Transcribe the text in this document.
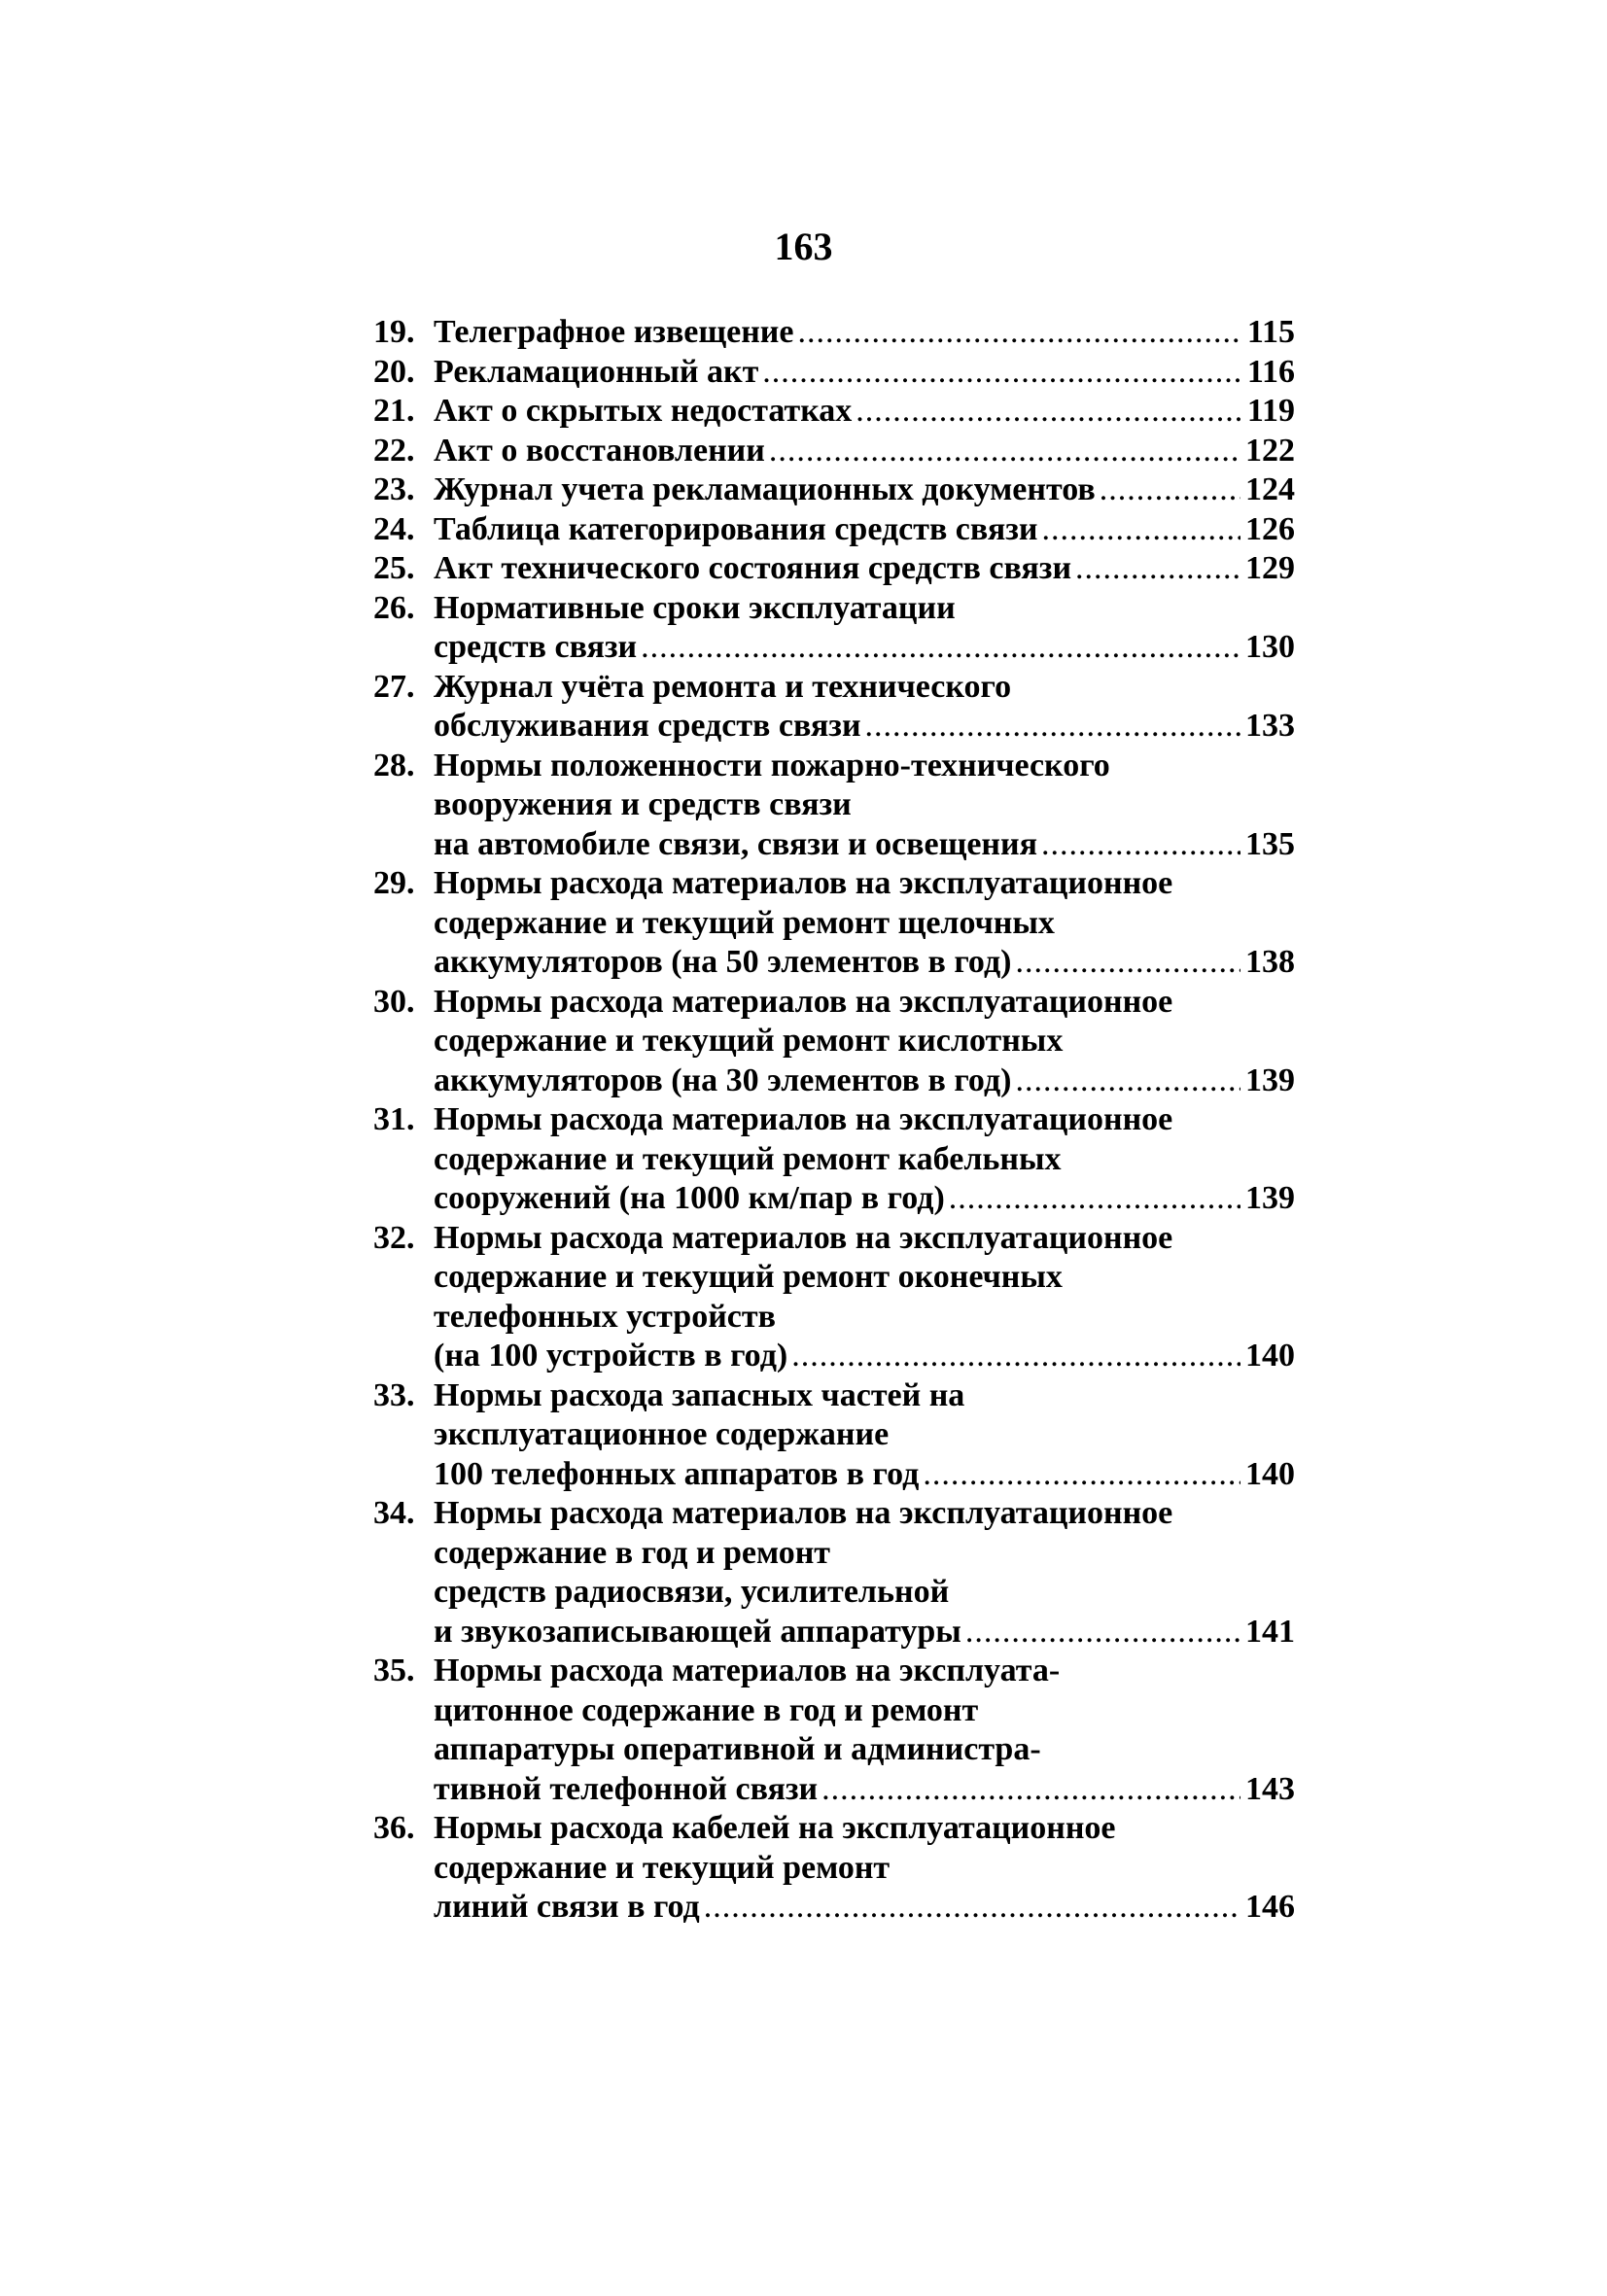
163
19. Телеграфное извещение .....	115
20. Рекламационный акт .....	116
21. Акт о скрытых недостатках .....	119
22. Акт о восстановлении .....	122
23. Журнал учета рекламационных документов .....	124
24. Таблица категорирования средств связи .....	126
25. Акт технического состояния средств связи .....	129
26. Нормативные сроки эксплуатации
средств связи .....	130
27. Журнал учёта ремонта и технического
обслуживания средств связи .....	133
28. Нормы положенности пожарно-технического
вооружения и средств связи
на автомобиле связи, связи и освещения .....	135
29. Нормы расхода материалов на эксплуатационное
содержание и текущий ремонт щелочных
аккумуляторов (на 50 элементов в год) .....	138
30. Нормы расхода материалов на эксплуатационное
содержание и текущий ремонт кислотных
аккумуляторов (на 30 элементов в год) .....	139
31. Нормы расхода материалов на эксплуатационное
содержание и текущий ремонт кабельных
сооружений (на 1000 км/пар в год) .....	139
32. Нормы расхода материалов на эксплуатационное
содержание и текущий ремонт оконечных
телефонных устройств
(на 100 устройств в год) .....	140
33. Нормы расхода запасных частей на
эксплуатационное содержание
100 телефонных аппаратов в год .....	140
34. Нормы расхода материалов на эксплуатационное
содержание в год и ремонт
средств радиосвязи, усилительной
и звукозаписывающей аппаратуры .....	141
35. Нормы расхода материалов на эксплуата-
цитонное содержание в год и ремонт
аппаратуры оперативной и администра-
тивной телефонной связи .....	143
36. Нормы расхода кабелей на эксплуатационное
содержание и текущий ремонт
линий связи в год .....	146
